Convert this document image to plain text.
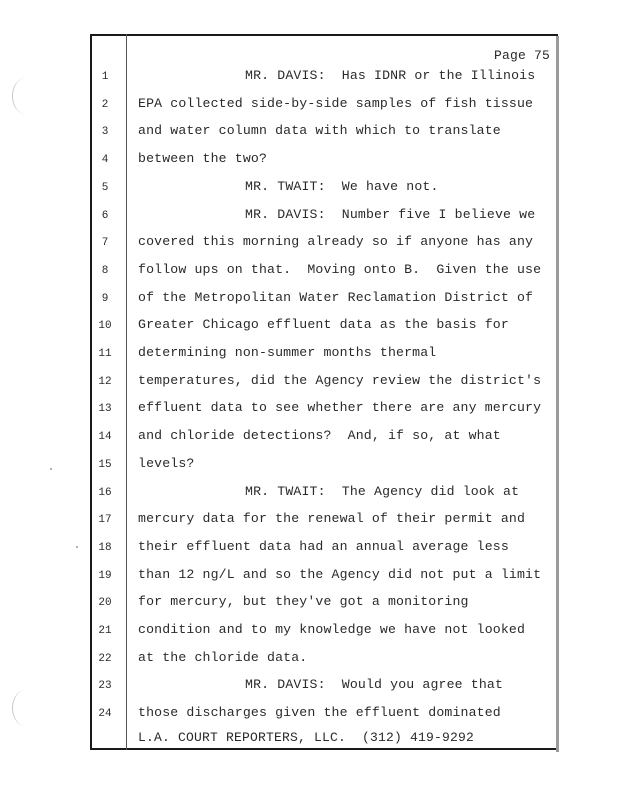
Page 75
1	MR. DAVIS:  Has IDNR or the Illinois
2	EPA collected side-by-side samples of fish tissue
3	and water column data with which to translate
4	between the two?
5	MR. TWAIT:  We have not.
6	MR. DAVIS:  Number five I believe we
7	covered this morning already so if anyone has any
8	follow ups on that.  Moving onto B.  Given the use
9	of the Metropolitan Water Reclamation District of
10 Greater Chicago effluent data as the basis for
11 determining non-summer months thermal
12 temperatures, did the Agency review the district's
13 effluent data to see whether there are any mercury
14 and chloride detections?  And, if so, at what
15 levels?
16	MR. TWAIT:  The Agency did look at
17 mercury data for the renewal of their permit and
18 their effluent data had an annual average less
19 than 12 ng/L and so the Agency did not put a limit
20 for mercury, but they've got a monitoring
21 condition and to my knowledge we have not looked
22 at the chloride data.
23	MR. DAVIS:  Would you agree that
24 those discharges given the effluent dominated
L.A. COURT REPORTERS, LLC.  (312) 419-9292
